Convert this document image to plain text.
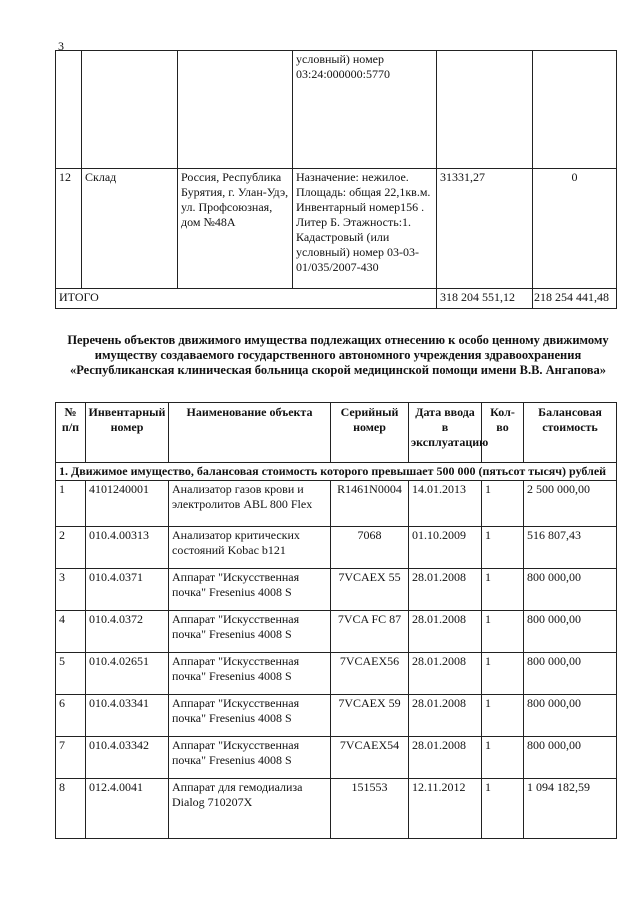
3
			условный) номер 03:24:000000:5770		
12	Склад	Россия, Республика Бурятия, г. Улан-Удэ, ул. Профсоюзная, дом №48А	Назначение: нежилое. Площадь: общая 22,1кв.м. Инвентарный номер156 . Литер Б. Этажность:1. Кадастровый (или условный) номер 03-03-01/035/2007-430	31331,27	0
ИТОГО				318 204 551,12	218 254 441,48
Перечень объектов движимого имущества подлежащих отнесению к особо ценному движимому имуществу создаваемого государственного автономного учреждения здравоохранения «Республиканская клиническая больница скорой медицинской помощи имени В.В. Ангапова»
№ п/п	Инвентарный номер	Наименование объекта	Серийный номер	Дата ввода в эксплуатацию	Кол-во	Балансовая стоимость
1. Движимое имущество, балансовая стоимость которого превышает 500 000 (пятьсот тысяч) рублей						
1	4101240001	Анализатор газов крови и электролитов ABL 800 Flex	R1461N0004	14.01.2013	1	2 500 000,00
2	010.4.00313	Анализатор критических состояний Kobac b121	7068	01.10.2009	1	516 807,43
3	010.4.0371	Аппарат "Искусственная почка" Fresenius 4008 S	7VCAEX 55	28.01.2008	1	800 000,00
4	010.4.0372	Аппарат "Искусственная почка" Fresenius 4008 S	7VCA FC 87	28.01.2008	1	800 000,00
5	010.4.02651	Аппарат "Искусственная почка" Fresenius 4008 S	7VCAEX56	28.01.2008	1	800 000,00
6	010.4.03341	Аппарат "Искусственная почка" Fresenius 4008 S	7VCAEX 59	28.01.2008	1	800 000,00
7	010.4.03342	Аппарат "Искусственная почка" Fresenius 4008 S	7VCAEX54	28.01.2008	1	800 000,00
8	012.4.0041	Аппарат для гемодиализа Dialog 710207X	151553	12.11.2012	1	1 094 182,59
